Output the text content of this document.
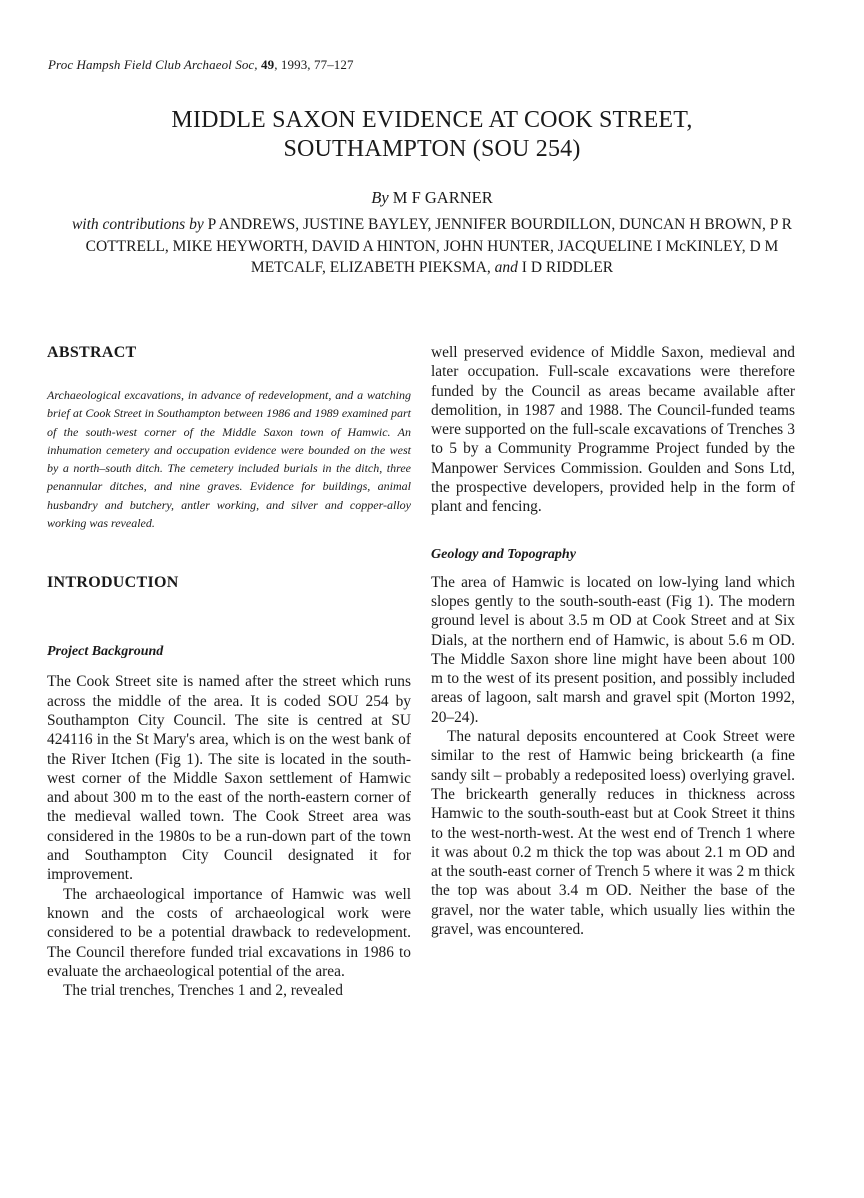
Proc Hampsh Field Club Archaeol Soc, 49, 1993, 77–127
MIDDLE SAXON EVIDENCE AT COOK STREET,
SOUTHAMPTON (SOU 254)
By M F GARNER
with contributions by P ANDREWS, JUSTINE BAYLEY, JENNIFER BOURDILLON, DUNCAN H BROWN, P R COTTRELL, MIKE HEYWORTH, DAVID A HINTON, JOHN HUNTER, JACQUELINE I McKINLEY, D M METCALF, ELIZABETH PIEKSMA, and I D RIDDLER
ABSTRACT

Archaeological excavations, in advance of redevelopment, and a watching brief at Cook Street in Southampton between 1986 and 1989 examined part of the south-west corner of the Middle Saxon town of Hamwic. An inhumation cemetery and occupation evidence were bounded on the west by a north–south ditch. The cemetery included burials in the ditch, three penannular ditches, and nine graves. Evidence for buildings, animal husbandry and butchery, antler working, and silver and copper-alloy working was revealed.

INTRODUCTION
Project Background

The Cook Street site is named after the street which runs across the middle of the area. It is coded SOU 254 by Southampton City Council. The site is centred at SU 424116 in the St Mary's area, which is on the west bank of the River Itchen (Fig 1). The site is located in the south-west corner of the Middle Saxon settlement of Hamwic and about 300 m to the east of the north-eastern corner of the medieval walled town. The Cook Street area was considered in the 1980s to be a run-down part of the town and Southampton City Council designated it for improvement.

The archaeological importance of Hamwic was well known and the costs of archaeological work were considered to be a potential drawback to redevelopment. The Council therefore funded trial excavations in 1986 to evaluate the archaeological potential of the area.

The trial trenches, Trenches 1 and 2, revealed

well preserved evidence of Middle Saxon, medieval and later occupation. Full-scale excavations were therefore funded by the Council as areas became available after demolition, in 1987 and 1988. The Council-funded teams were supported on the full-scale excavations of Trenches 3 to 5 by a Community Programme Project funded by the Manpower Services Commission. Goulden and Sons Ltd, the prospective developers, provided help in the form of plant and fencing.

Geology and Topography

The area of Hamwic is located on low-lying land which slopes gently to the south-south-east (Fig 1). The modern ground level is about 3.5 m OD at Cook Street and at Six Dials, at the northern end of Hamwic, is about 5.6 m OD. The Middle Saxon shore line might have been about 100 m to the west of its present position, and possibly included areas of lagoon, salt marsh and gravel spit (Morton 1992, 20–24).

The natural deposits encountered at Cook Street were similar to the rest of Hamwic being brickearth (a fine sandy silt – probably a redeposited loess) overlying gravel. The brickearth generally reduces in thickness across Hamwic to the south-south-east but at Cook Street it thins to the west-north-west. At the west end of Trench 1 where it was about 0.2 m thick the top was about 2.1 m OD and at the south-east corner of Trench 5 where it was 2 m thick the top was about 3.4 m OD. Neither the base of the gravel, nor the water table, which usually lies within the gravel, was encountered.
